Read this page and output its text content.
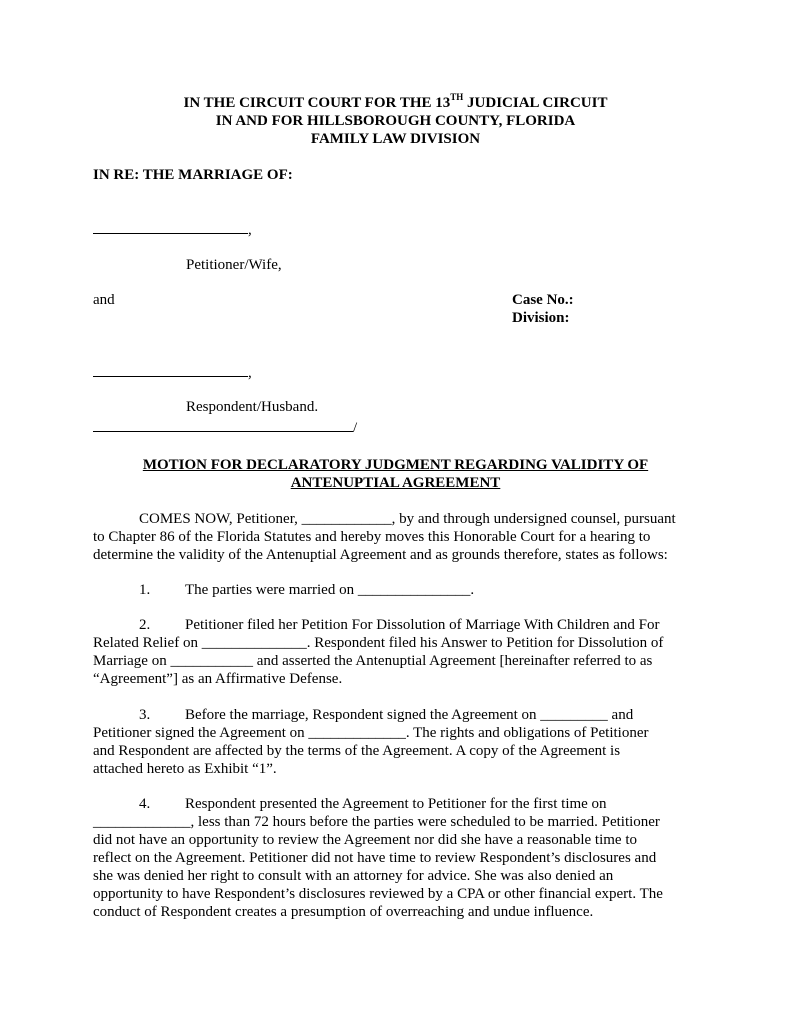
IN THE CIRCUIT COURT FOR THE 13TH JUDICIAL CIRCUIT
IN AND FOR HILLSBOROUGH COUNTY, FLORIDA
FAMILY LAW DIVISION
IN RE: THE MARRIAGE OF:
,
Petitioner/Wife,
and	Case No.:
Division:
,
Respondent/Husband.
/
MOTION FOR DECLARATORY JUDGMENT REGARDING VALIDITY OF
ANTENUPTIAL AGREEMENT
COMES NOW, Petitioner, ____________, by and through undersigned counsel, pursuant
to Chapter 86 of the Florida Statutes and hereby moves this Honorable Court for a hearing to
determine the validity of the Antenuptial Agreement and as grounds therefore, states as follows:
1. The parties were married on _______________.
2. Petitioner filed her Petition For Dissolution of Marriage With Children and For
Related Relief on ______________. Respondent filed his Answer to Petition for Dissolution of
Marriage on ___________ and asserted the Antenuptial Agreement [hereinafter referred to as
“Agreement”] as an Affirmative Defense.
3. Before the marriage, Respondent signed the Agreement on _________ and
Petitioner signed the Agreement on _____________. The rights and obligations of Petitioner
and Respondent are affected by the terms of the Agreement. A copy of the Agreement is
attached hereto as Exhibit “1”.
4. Respondent presented the Agreement to Petitioner for the first time on
_____________, less than 72 hours before the parties were scheduled to be married. Petitioner
did not have an opportunity to review the Agreement nor did she have a reasonable time to
reflect on the Agreement. Petitioner did not have time to review Respondent’s disclosures and
she was denied her right to consult with an attorney for advice. She was also denied an
opportunity to have Respondent’s disclosures reviewed by a CPA or other financial expert. The
conduct of Respondent creates a presumption of overreaching and undue influence.
